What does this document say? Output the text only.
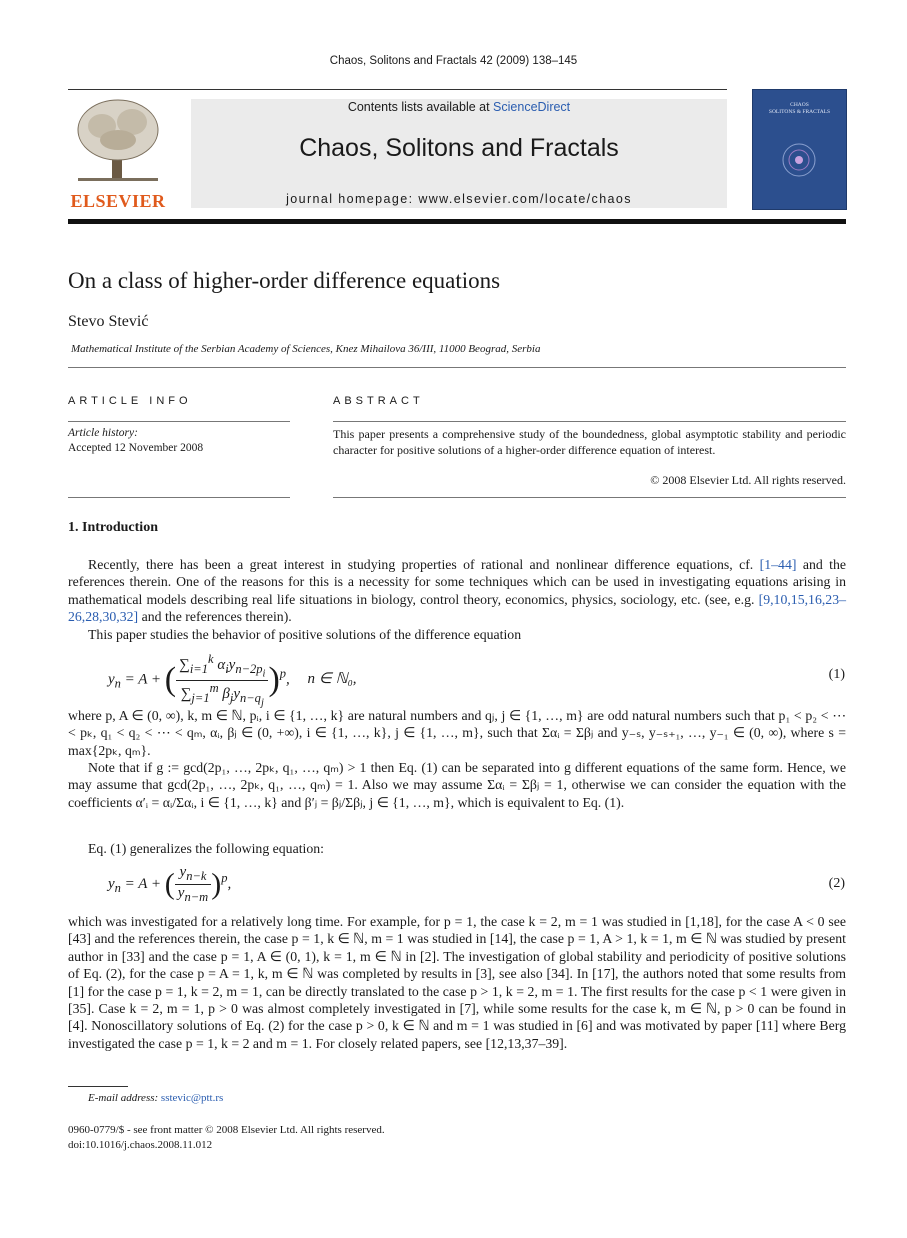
Chaos, Solitons and Fractals 42 (2009) 138–145
ELSEVIER
Contents lists available at ScienceDirect
Chaos, Solitons and Fractals
journal homepage: www.elsevier.com/locate/chaos
CHAOS
SOLITONS & FRACTALS
On a class of higher-order difference equations
Stevo Stević
Mathematical Institute of the Serbian Academy of Sciences, Knez Mihailova 36/III, 11000 Beograd, Serbia
ARTICLE INFO
Article history:
Accepted 12 November 2008
ABSTRACT
This paper presents a comprehensive study of the boundedness, global asymptotic stability and periodic character for positive solutions of a higher-order difference equation of interest.
© 2008 Elsevier Ltd. All rights reserved.
1. Introduction
Recently, there has been a great interest in studying properties of rational and nonlinear difference equations, cf. [1–44] and the references therein. One of the reasons for this is a necessity for some techniques which can be used in investigating equations arising in mathematical models describing real life situations in biology, control theory, economics, physics, sociology, etc. (see, e.g. [9,10,15,16,23–26,28,30,32] and the references therein).
This paper studies the behavior of positive solutions of the difference equation
$y_n = A$ + ( $\frac{\sum_{i=1}^k \alpha_iy_{n-2p_i}}{\sum_{j=1}^m \beta_jy_{n-q_j}} )^p$, n ∈ ℕ₀,	(1)
where p, A ∈ (0, ∞), k, m ∈ ℕ, pᵢ, i ∈ {1, …, k} are natural numbers and qⱼ, j ∈ {1, …, m} are odd natural numbers such that p₁ < p₂ < ⋯ < pₖ, q₁ < q₂ < ⋯ < qₘ, αᵢ, βⱼ ∈ (0, +∞), i ∈ {1, …, k}, j ∈ {1, …, m}, such that Σαᵢ = Σβⱼ and y₋ₛ, y₋ₛ₊₁, …, y₋₁ ∈ (0, ∞), where s = max{2pₖ, qₘ}.
Note that if g := gcd(2p₁, …, 2pₖ, q₁, …, qₘ) > 1 then Eq. (1) can be separated into g different equations of the same form. Hence, we may assume that gcd(2p₁, …, 2pₖ, q₁, …, qₘ) = 1. Also we may assume Σαᵢ = Σβⱼ = 1, otherwise we can consider the equation with the coefficients α′ᵢ = αᵢ/Σαᵢ, i ∈ {1, …, k} and β′ⱼ = βⱼ/Σβⱼ, j ∈ {1, …, m}, which is equivalent to Eq. (1).
Eq. (1) generalizes the following equation:
$y_n = A$ + ( $\frac{y_{n-k}}{y_{n-m}} )^p$,	(2)
which was investigated for a relatively long time. For example, for p = 1, the case k = 2, m = 1 was studied in [1,18], for the case A < 0 see [43] and the references therein, the case p = 1, k ∈ ℕ, m = 1 was studied in [14], the case p = 1, A > 1, k = 1, m ∈ ℕ was studied by present author in [33] and the case p = 1, A ∈ (0, 1), k = 1, m ∈ ℕ in [2]. The investigation of global stability and periodicity of positive solutions of Eq. (2), for the case p = A = 1, k, m ∈ ℕ was completed by results in [3], see also [34]. In [17], the authors noted that some results from [1] for the case p = 1, k = 2, m = 1, can be directly translated to the case p > 1, k = 2, m = 1. The first results for the case p < 1 were given in [35]. Case k = 2, m = 1, p > 0 was almost completely investigated in [7], while some results for the case k, m ∈ ℕ, p > 0 can be found in [4]. Nonoscillatory solutions of Eq. (2) for the case p > 0, k ∈ ℕ and m = 1 was studied in [6] and was motivated by paper [11] where Berg investigated the case p = 1, k = 2 and m = 1. For closely related papers, see [12,13,37–39].
E-mail address: sstevic@ptt.rs
0960-0779/$ - see front matter © 2008 Elsevier Ltd. All rights reserved.
doi:10.1016/j.chaos.2008.11.012
